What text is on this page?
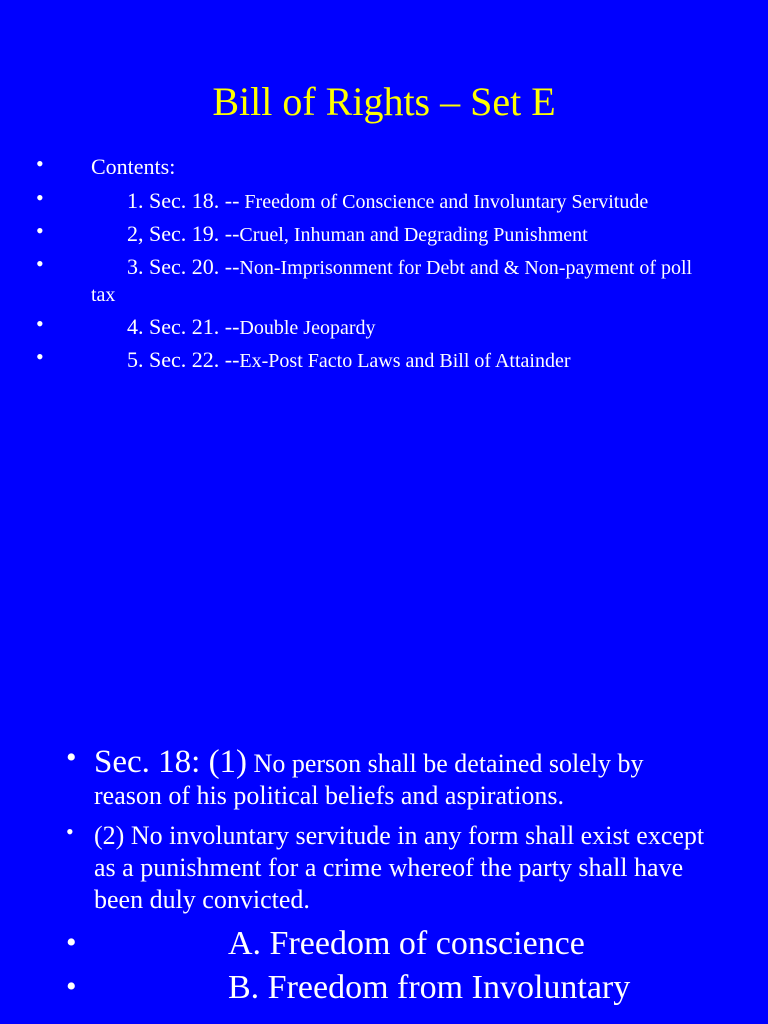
Bill of Rights – Set E
• Contents:
•	1. Sec. 18. -- Freedom of Conscience and Involuntary Servitude
•	2, Sec. 19. --Cruel, Inhuman and Degrading Punishment
•	3. Sec. 20. --Non-Imprisonment for Debt and & Non-payment of poll tax
•	4. Sec. 21. --Double Jeopardy
•	5. Sec. 22. --Ex-Post Facto Laws and Bill of Attainder
• Sec. 18: (1) No person shall be detained solely by reason of his political beliefs and aspirations.
• (2) No involuntary servitude in any form shall exist except as a punishment for a crime whereof the party shall have been duly convicted.
•	A. Freedom of conscience
•	B. Freedom from Involuntary
